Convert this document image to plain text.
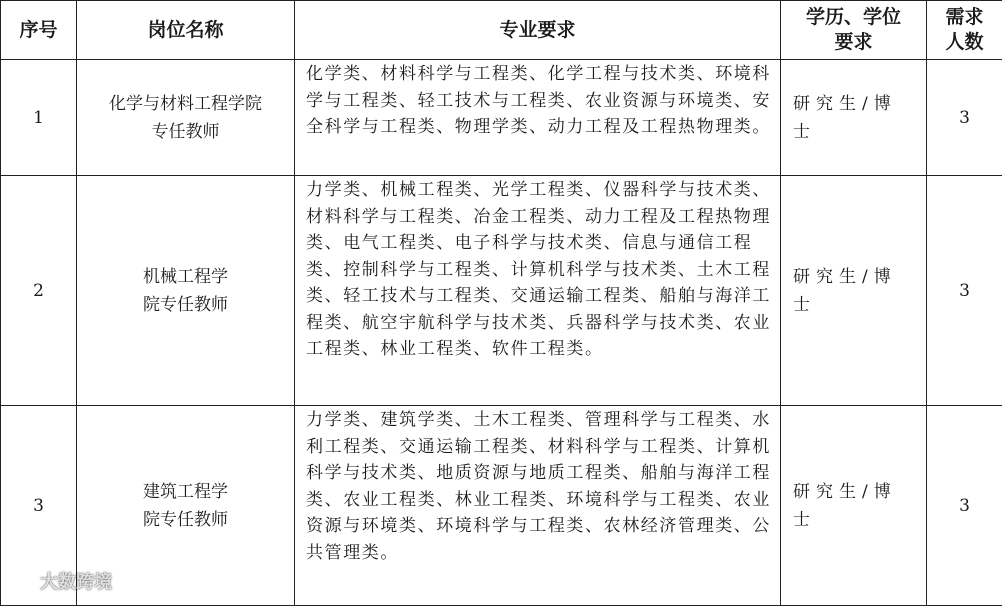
序号	岗位名称	专业要求	学历、学位要求	需求人数
1	化学与材料工程学院专任教师	化学类、材料科学与工程类、化学工程与技术类、环境科学与工程类、轻工技术与工程类、农业资源与环境类、安全科学与工程类、物理学类、动力工程及工程热物理类。	研究生/博士	3
2	机械工程学院专任教师	力学类、机械工程类、光学工程类、仪器科学与技术类、材料科学与工程类、冶金工程类、动力工程及工程热物理类、电气工程类、电子科学与技术类、信息与通信工程类、控制科学与工程类、计算机科学与技术类、土木工程类、轻工技术与工程类、交通运输工程类、船舶与海洋工程类、航空宇航科学与技术类、兵器科学与技术类、农业工程类、林业工程类、软件工程类。	研究生/博士	3
3	建筑工程学院专任教师	力学类、建筑学类、土木工程类、管理科学与工程类、水利工程类、交通运输工程类、材料科学与工程类、计算机科学与技术类、地质资源与地质工程类、船舶与海洋工程类、农业工程类、林业工程类、环境科学与工程类、农业资源与环境类、环境科学与工程类、农林经济管理类、公共管理类。	研究生/博士	3
大数跨境
